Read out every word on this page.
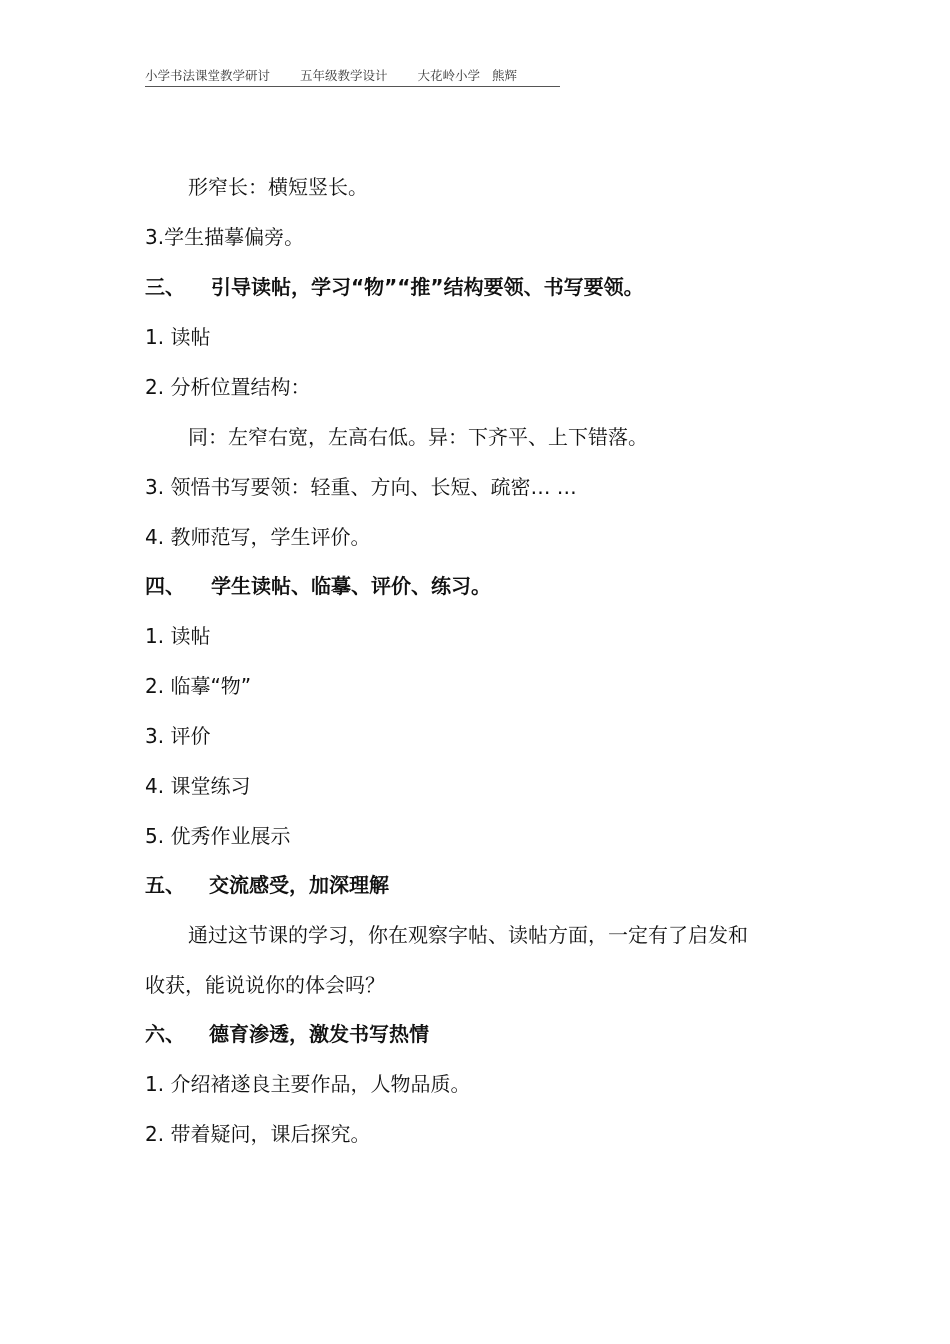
小学书法课堂教学研讨 五年级教学设计 大花岭小学 熊辉
形窄长：横短竖长。
3.学生描摹偏旁。
三、 引导读帖，学习“物”“推”结构要领、书写要领。
1. 读帖
2. 分析位置结构：
同：左窄右宽，左高右低。异：下齐平、上下错落。
3. 领悟书写要领：轻重、方向、长短、疏密… …
4. 教师范写，学生评价。
四、 学生读帖、临摹、评价、练习。
1. 读帖
2. 临摹“物”
3. 评价
4. 课堂练习
5. 优秀作业展示
五、 交流感受，加深理解
通过这节课的学习，你在观察字帖、读帖方面，一定有了启发和
收获，能说说你的体会吗？
六、 德育渗透，激发书写热情
1. 介绍褚遂良主要作品，人物品质。
2. 带着疑问，课后探究。
